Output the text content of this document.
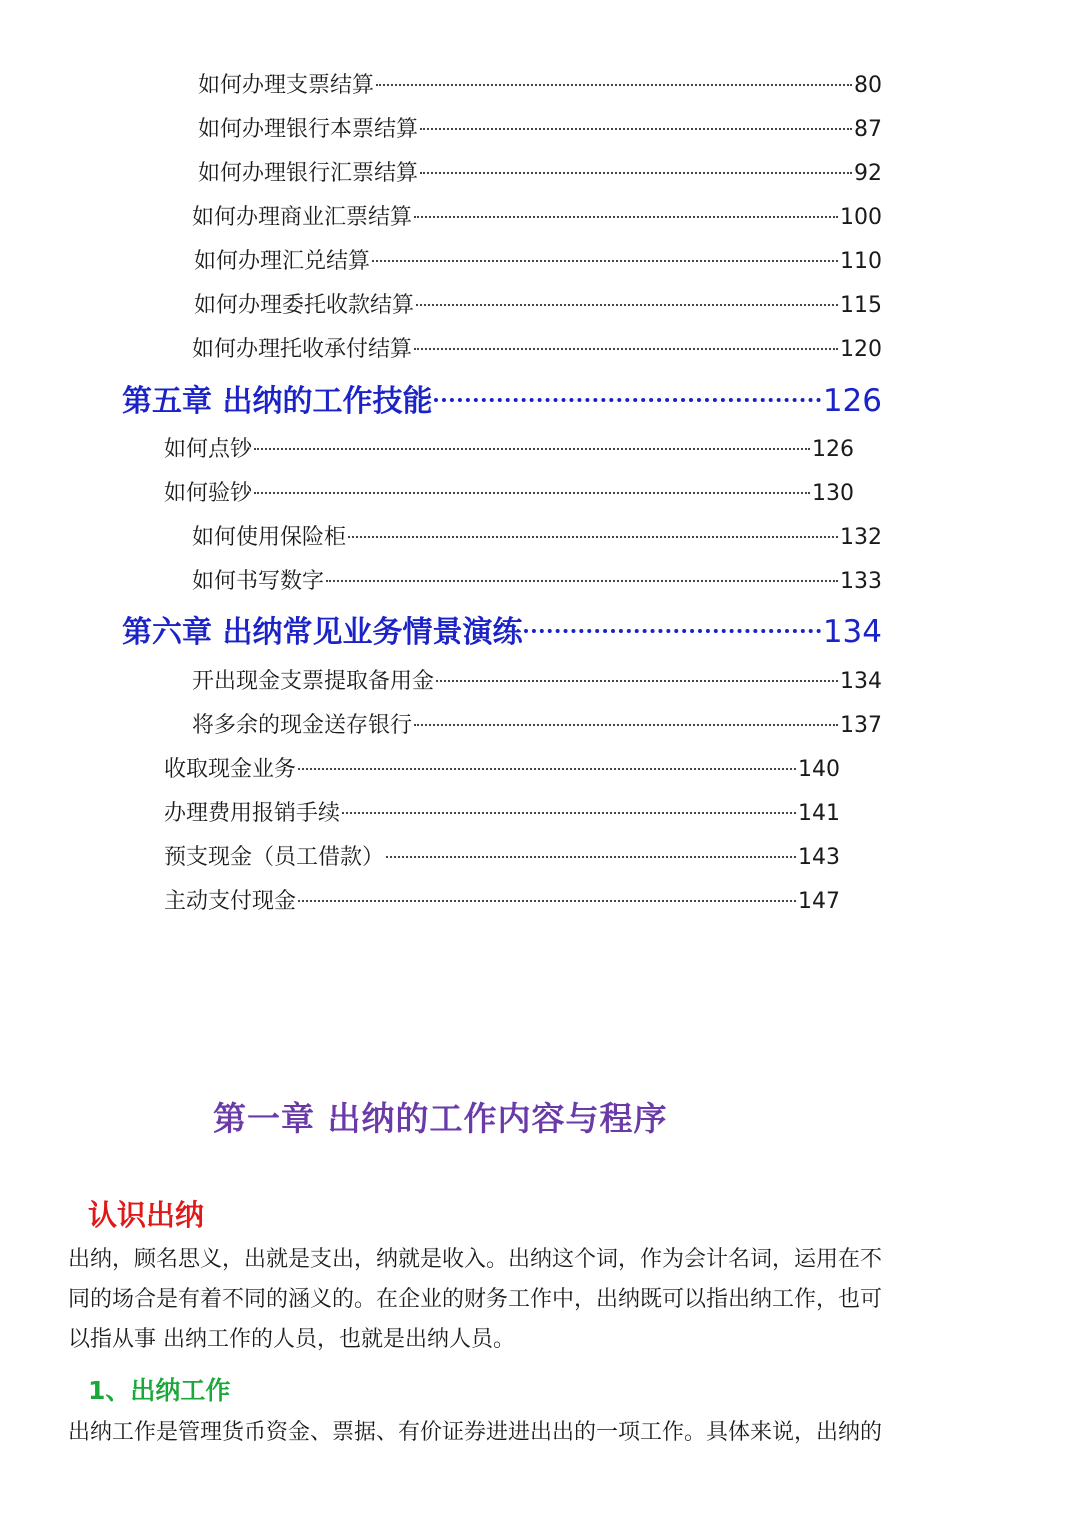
如何办理支票结算	80
如何办理银行本票结算	87
如何办理银行汇票结算	92
如何办理商业汇票结算	100
如何办理汇兑结算	110
如何办理委托收款结算	115
如何办理托收承付结算	120
第五章 出纳的工作技能	126
如何点钞	126
如何验钞	130
如何使用保险柜	132
如何书写数字	133
第六章 出纳常见业务情景演练	134
开出现金支票提取备用金	134
将多余的现金送存银行	137
收取现金业务	140
办理费用报销手续	141
预支现金（员工借款）	143
主动支付现金	147
第一章 出纳的工作内容与程序
认识出纳
出纳，顾名思义，出就是支出，纳就是收入。出纳这个词，作为会计名词，运用在不
同的场合是有着不同的涵义的。在企业的财务工作中，出纳既可以指出纳工作，也可
以指从事 出纳工作的人员，也就是出纳人员。
1、出纳工作
出纳工作是管理货币资金、票据、有价证券进进出出的一项工作。具体来说，出纳的
